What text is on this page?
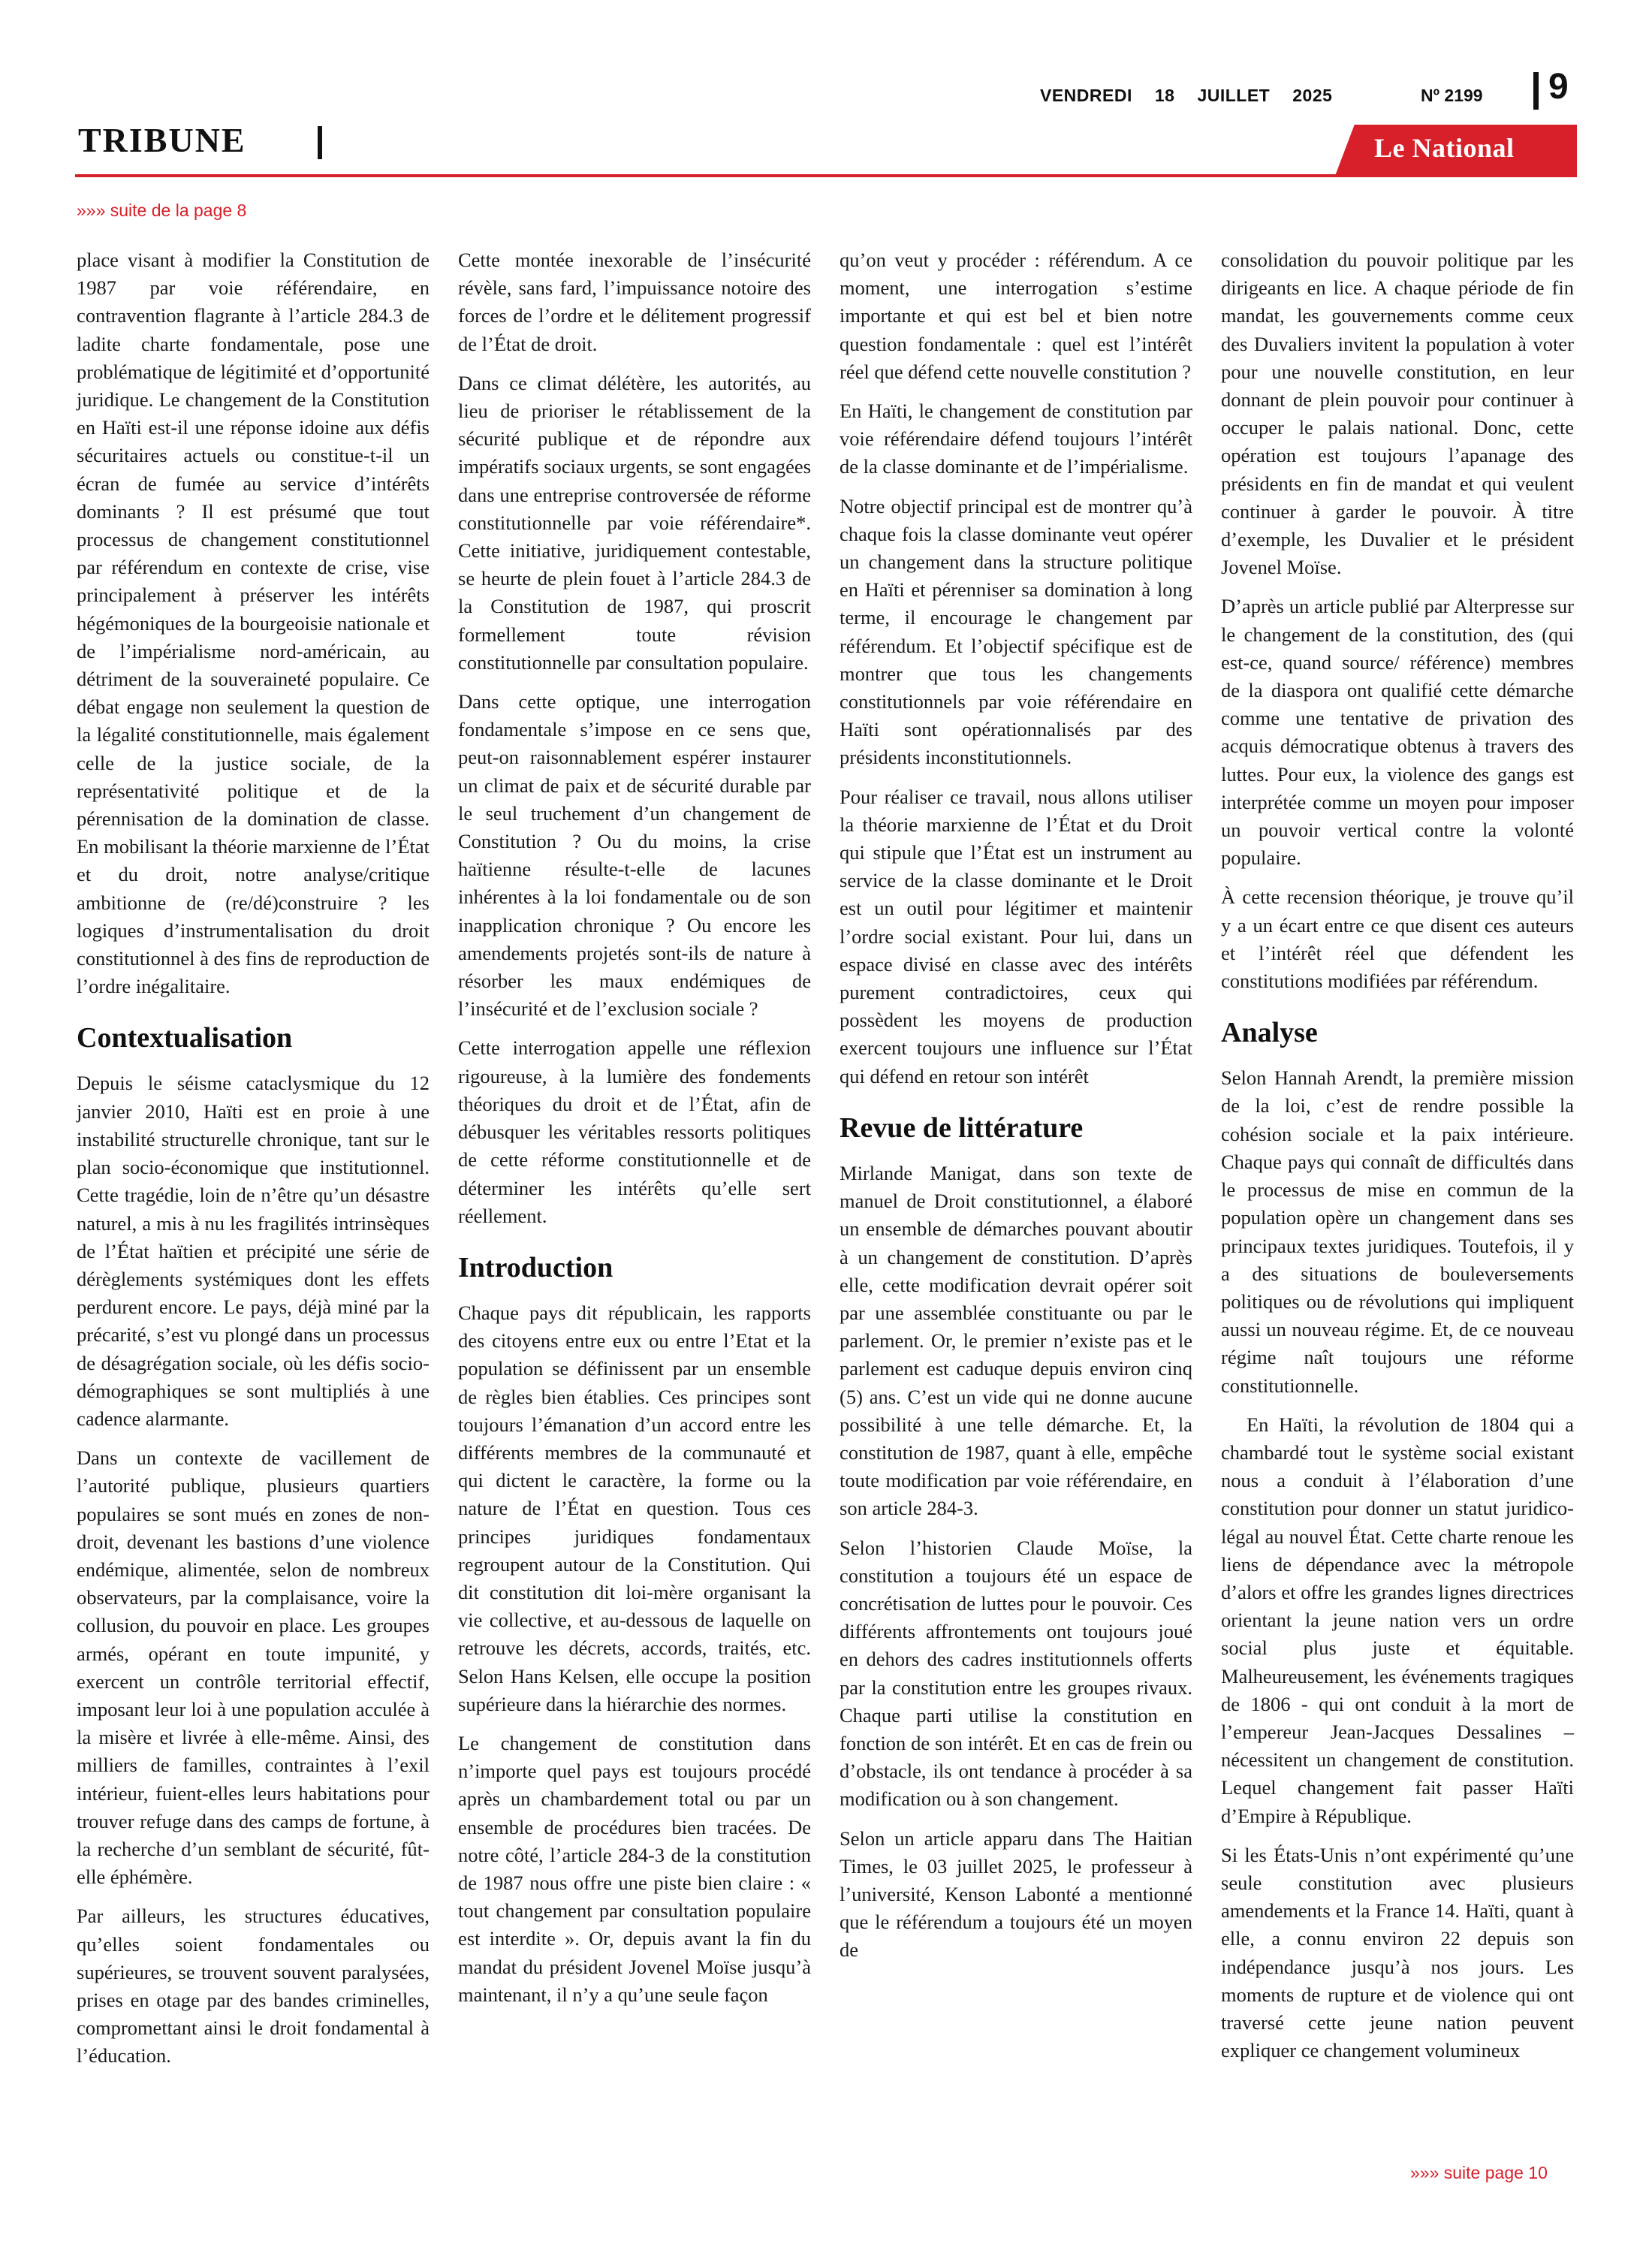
VENDREDI 18 JUILLET 2025	Nº 2199 9
TRIBUNE	Le National
»»» suite de la page 8

place visant à modifier la Constitution de 1987 par voie référendaire, en contravention flagrante à l’article 284.3 de ladite charte fondamentale, pose une problématique de légitimité et d’opportunité juridique. Le changement de la Constitution en Haïti est-il une réponse idoine aux défis sécuritaires actuels ou constitue-t-il un écran de fumée au service d’intérêts dominants ? Il est présumé que tout processus de changement constitutionnel par référendum en contexte de crise, vise principalement à préserver les intérêts hégémoniques de la bourgeoisie nationale et de l’impérialisme nord-américain, au détriment de la souveraineté populaire. Ce débat engage non seulement la question de la légalité constitutionnelle, mais également celle de la justice sociale, de la représentativité politique et de la pérennisation de la domination de classe. En mobilisant la théorie marxienne de l’État et du droit, notre analyse/critique ambitionne de (re/dé)construire ? les logiques d’instrumentalisation du droit constitutionnel à des fins de reproduction de l’ordre inégalitaire.

Contextualisation

Depuis le séisme cataclysmique du 12 janvier 2010, Haïti est en proie à une instabilité structurelle chronique, tant sur le plan socio-économique que institutionnel. Cette tragédie, loin de n’être qu’un désastre naturel, a mis à nu les fragilités intrinsèques de l’État haïtien et précipité une série de dérèglements systémiques dont les effets perdurent encore. Le pays, déjà miné par la précarité, s’est vu plongé dans un processus de désagrégation sociale, où les défis socio-démographiques se sont multipliés à une cadence alarmante.

Dans un contexte de vacillement de l’autorité publique, plusieurs quartiers populaires se sont mués en zones de non-droit, devenant les bastions d’une violence endémique, alimentée, selon de nombreux observateurs, par la complaisance, voire la collusion, du pouvoir en place. Les groupes armés, opérant en toute impunité, y exercent un contrôle territorial effectif, imposant leur loi à une population acculée à la misère et livrée à elle-même. Ainsi, des milliers de familles, contraintes à l’exil intérieur, fuient-elles leurs habitations pour trouver refuge dans des camps de fortune, à la recherche d’un semblant de sécurité, fût-elle éphémère.

Par ailleurs, les structures éducatives, qu’elles soient fondamentales ou supérieures, se trouvent souvent paralysées, prises en otage par des bandes criminelles, compromettant ainsi le droit fondamental à l’éducation.

Cette montée inexorable de l’insécurité révèle, sans fard, l’impuissance notoire des forces de l’ordre et le délitement progressif de l’État de droit.

Dans ce climat délétère, les autorités, au lieu de prioriser le rétablissement de la sécurité publique et de répondre aux impératifs sociaux urgents, se sont engagées dans une entreprise controversée de réforme constitutionnelle par voie référendaire*. Cette initiative, juridiquement contestable, se heurte de plein fouet à l’article 284.3 de la Constitution de 1987, qui proscrit formellement toute révision constitutionnelle par consultation populaire.

Dans cette optique, une interrogation fondamentale s’impose en ce sens que, peut-on raisonnablement espérer instaurer un climat de paix et de sécurité durable par le seul truchement d’un changement de Constitution ? Ou du moins, la crise haïtienne résulte-t-elle de lacunes inhérentes à la loi fondamentale ou de son inapplication chronique ? Ou encore les amendements projetés sont-ils de nature à résorber les maux endémiques de l’insécurité et de l’exclusion sociale ?

Cette interrogation appelle une réflexion rigoureuse, à la lumière des fondements théoriques du droit et de l’État, afin de débusquer les véritables ressorts politiques de cette réforme constitutionnelle et de déterminer les intérêts qu’elle sert réellement.

Introduction

Chaque pays dit républicain, les rapports des citoyens entre eux ou entre l’Etat et la population se définissent par un ensemble de règles bien établies. Ces principes sont toujours l’émanation d’un accord entre les différents membres de la communauté et qui dictent le caractère, la forme ou la nature de l’État en question. Tous ces principes juridiques fondamentaux regroupent autour de la Constitution. Qui dit constitution dit loi-mère organisant la vie collective, et au-dessous de laquelle on retrouve les décrets, accords, traités, etc. Selon Hans Kelsen, elle occupe la position supérieure dans la hiérarchie des normes.

Le changement de constitution dans n’importe quel pays est toujours procédé après un chambardement total ou par un ensemble de procédures bien tracées. De notre côté, l’article 284-3 de la constitution de 1987 nous offre une piste bien claire : « tout changement par consultation populaire est interdite ». Or, depuis avant la fin du mandat du président Jovenel Moïse jusqu’à maintenant, il n’y a qu’une seule façon

qu’on veut y procéder : référendum. A ce moment, une interrogation s’estime importante et qui est bel et bien notre question fondamentale : quel est l’intérêt réel que défend cette nouvelle constitution ?

En Haïti, le changement de constitution par voie référendaire défend toujours l’intérêt de la classe dominante et de l’impérialisme.

Notre objectif principal est de montrer qu’à chaque fois la classe dominante veut opérer un changement dans la structure politique en Haïti et pérenniser sa domination à long terme, il encourage le changement par référendum. Et l’objectif spécifique est de montrer que tous les changements constitutionnels par voie référendaire en Haïti sont opérationnalisés par des présidents inconstitutionnels.

Pour réaliser ce travail, nous allons utiliser la théorie marxienne de l’État et du Droit qui stipule que l’État est un instrument au service de la classe dominante et le Droit est un outil pour légitimer et maintenir l’ordre social existant. Pour lui, dans un espace divisé en classe avec des intérêts purement contradictoires, ceux qui possèdent les moyens de production exercent toujours une influence sur l’État qui défend en retour son intérêt

Revue de littérature

Mirlande Manigat, dans son texte de manuel de Droit constitutionnel, a élaboré un ensemble de démarches pouvant aboutir à un changement de constitution. D’après elle, cette modification devrait opérer soit par une assemblée constituante ou par le parlement. Or, le premier n’existe pas et le parlement est caduque depuis environ cinq (5) ans. C’est un vide qui ne donne aucune possibilité à une telle démarche. Et, la constitution de 1987, quant à elle, empêche toute modification par voie référendaire, en son article 284-3.

Selon l’historien Claude Moïse, la constitution a toujours été un espace de concrétisation de luttes pour le pouvoir. Ces différents affrontements ont toujours joué en dehors des cadres institutionnels offerts par la constitution entre les groupes rivaux. Chaque parti utilise la constitution en fonction de son intérêt. Et en cas de frein ou d’obstacle, ils ont tendance à procéder à sa modification ou à son changement.

Selon un article apparu dans The Haitian Times, le 03 juillet 2025, le professeur à l’université, Kenson Labonté a mentionné que le référendum a toujours été un moyen de

consolidation du pouvoir politique par les dirigeants en lice. A chaque période de fin mandat, les gouvernements comme ceux des Duvaliers invitent la population à voter pour une nouvelle constitution, en leur donnant de plein pouvoir pour continuer à occuper le palais national. Donc, cette opération est toujours l’apanage des présidents en fin de mandat et qui veulent continuer à garder le pouvoir. À titre d’exemple, les Duvalier et le président Jovenel Moïse.

D’après un article publié par Alterpresse sur le changement de la constitution, des (qui est-ce, quand source/ référence) membres de la diaspora ont qualifié cette démarche comme une tentative de privation des acquis démocratique obtenus à travers des luttes. Pour eux, la violence des gangs est interprétée comme un moyen pour imposer un pouvoir vertical contre la volonté populaire.

À cette recension théorique, je trouve qu’il y a un écart entre ce que disent ces auteurs et l’intérêt réel que défendent les constitutions modifiées par référendum.

Analyse

Selon Hannah Arendt, la première mission de la loi, c’est de rendre possible la cohésion sociale et la paix intérieure. Chaque pays qui connaît de difficultés dans le processus de mise en commun de la population opère un changement dans ses principaux textes juridiques. Toutefois, il y a des situations de bouleversements politiques ou de révolutions qui impliquent aussi un nouveau régime. Et, de ce nouveau régime naît toujours une réforme constitutionnelle.

En Haïti, la révolution de 1804 qui a chambardé tout le système social existant nous a conduit à l’élaboration d’une constitution pour donner un statut juridico-légal au nouvel État. Cette charte renoue les liens de dépendance avec la métropole d’alors et offre les grandes lignes directrices orientant la jeune nation vers un ordre social plus juste et équitable. Malheureusement, les événements tragiques de 1806 - qui ont conduit à la mort de l’empereur Jean-Jacques Dessalines – nécessitent un changement de constitution. Lequel changement fait passer Haïti d’Empire à République.

Si les États-Unis n’ont expérimenté qu’une seule constitution avec plusieurs amendements et la France 14. Haïti, quant à elle, a connu environ 22 depuis son indépendance jusqu’à nos jours. Les moments de rupture et de violence qui ont traversé cette jeune nation peuvent expliquer ce changement volumineux

»»» suite page 10
